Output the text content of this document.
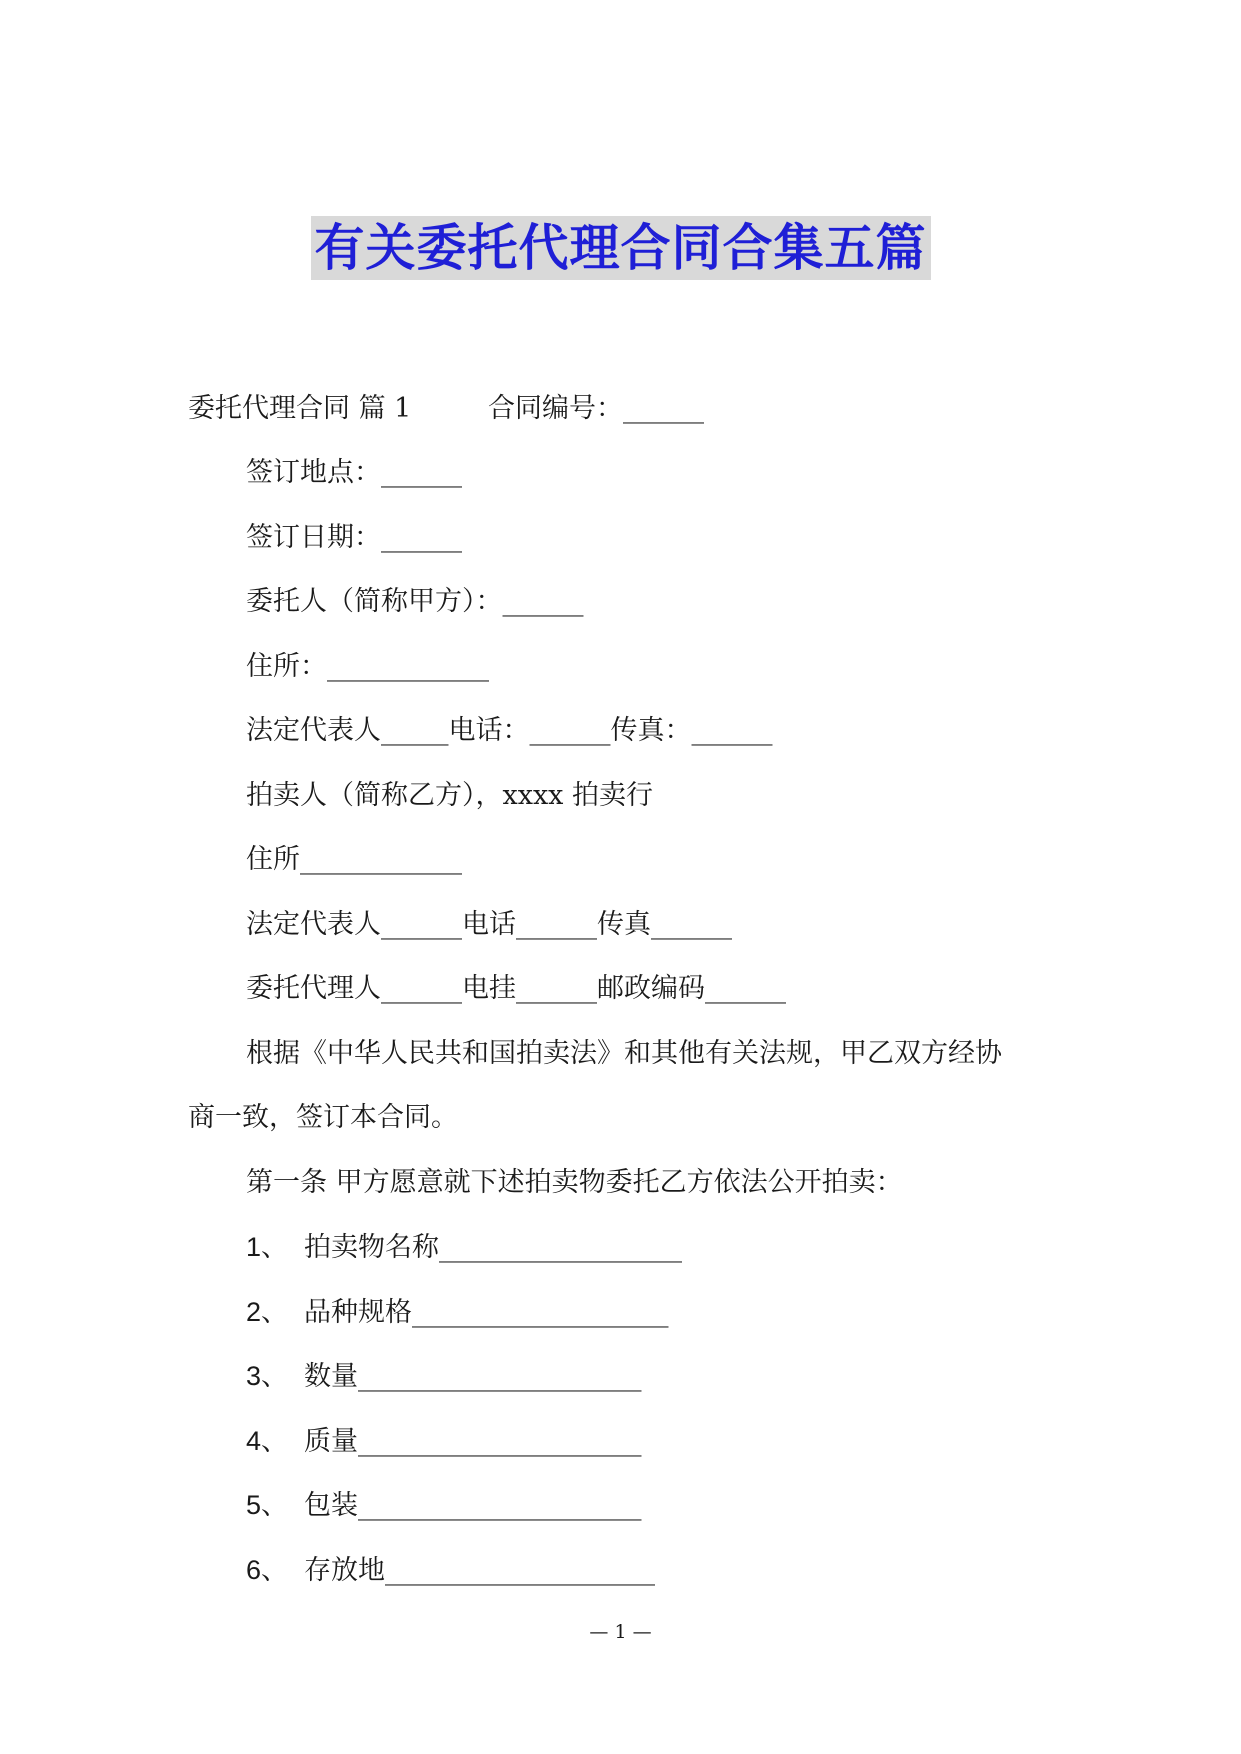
有关委托代理合同合集五篇
委托代理合同 篇 1	合同编号：______
签订地点：______
签订日期：______
委托人（简称甲方）：______
住所：____________
法定代表人_____电话：______传真：______
拍卖人（简称乙方），xxxx 拍卖行
住所____________
法定代表人______电话______传真______
委托代理人______电挂______邮政编码______
根据《中华人民共和国拍卖法》和其他有关法规，甲乙双方经协
商一致，签订本合同。
第一条 甲方愿意就下述拍卖物委托乙方依法公开拍卖：
1、 拍卖物名称__________________
2、 品种规格___________________
3、 数量_____________________
4、 质量_____________________
5、 包装_____________________
6、 存放地____________________
— 1 —
